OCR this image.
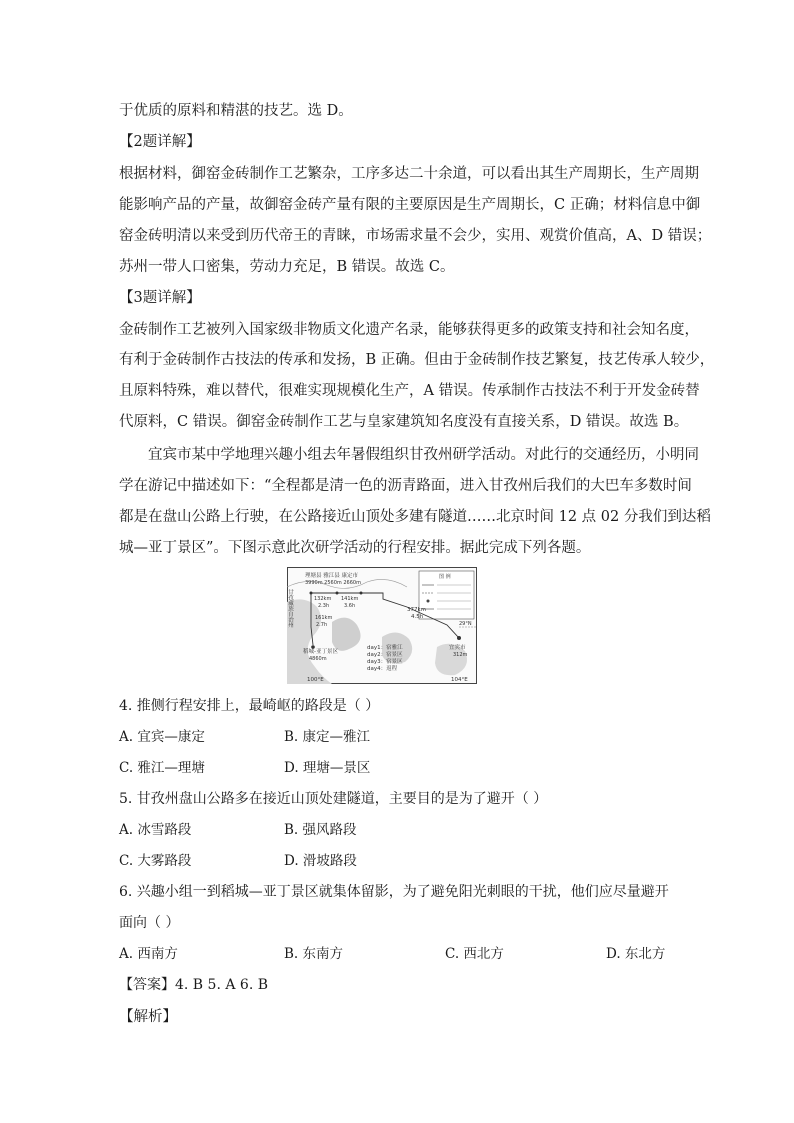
于优质的原料和精湛的技艺。选 D。
【2题详解】
根据材料，御窑金砖制作工艺繁杂，工序多达二十余道，可以看出其生产周期长，生产周期
能影响产品的产量，故御窑金砖产量有限的主要原因是生产周期长，C 正确；材料信息中御
窑金砖明清以来受到历代帝王的青睐，市场需求量不会少，实用、观赏价值高，A、D 错误；
苏州一带人口密集，劳动力充足，B 错误。故选 C。
【3题详解】
金砖制作工艺被列入国家级非物质文化遗产名录，能够获得更多的政策支持和社会知名度，
有利于金砖制作古技法的传承和发扬，B 正确。但由于金砖制作技艺繁复，技艺传承人较少，
且原料特殊，难以替代，很难实现规模化生产，A 错误。传承制作古技法不利于开发金砖替
代原料，C 错误。御窑金砖制作工艺与皇家建筑知名度没有直接关系，D 错误。故选 B。
宜宾市某中学地理兴趣小组去年暑假组织甘孜州研学活动。对此行的交通经历，小明同
学在游记中描述如下：“全程都是清一色的沥青路面，进入甘孜州后我们的大巴车多数时间
都是在盘山公路上行驶，在公路接近山顶处多建有隧道……北京时间 12 点 02 分我们到达稻
城—亚丁景区”。下图示意此次研学活动的行程安排。据此完成下列各题。
图 例
理塘县 雅江县 康定市
3990m 2560m 2660m
132km
2.3h
141km
3.6h
377km
4.5h
161km
2.7h
甘孜藏族自治州
稻城-亚丁景区
4860m
宜宾市
312m
29°N
100°E	104°E
day1：宿雅江
day2：宿景区
day3：宿景区
day4：返程
4. 推侧行程安排上，最崎岖的路段是（ ）
A. 宜宾—康定	B. 康定—雅江
C. 雅江—理塘	D. 理塘—景区
5. 甘孜州盘山公路多在接近山顶处建隧道，主要目的是为了避开（ ）
A. 冰雪路段	B. 强风路段
C. 大雾路段	D. 滑坡路段
6. 兴趣小组一到稻城—亚丁景区就集体留影，为了避免阳光刺眼的干扰，他们应尽量避开
面向（ ）
A. 西南方	B. 东南方	C. 西北方	D. 东北方
【答案】4. B 5. A 6. B
【解析】
